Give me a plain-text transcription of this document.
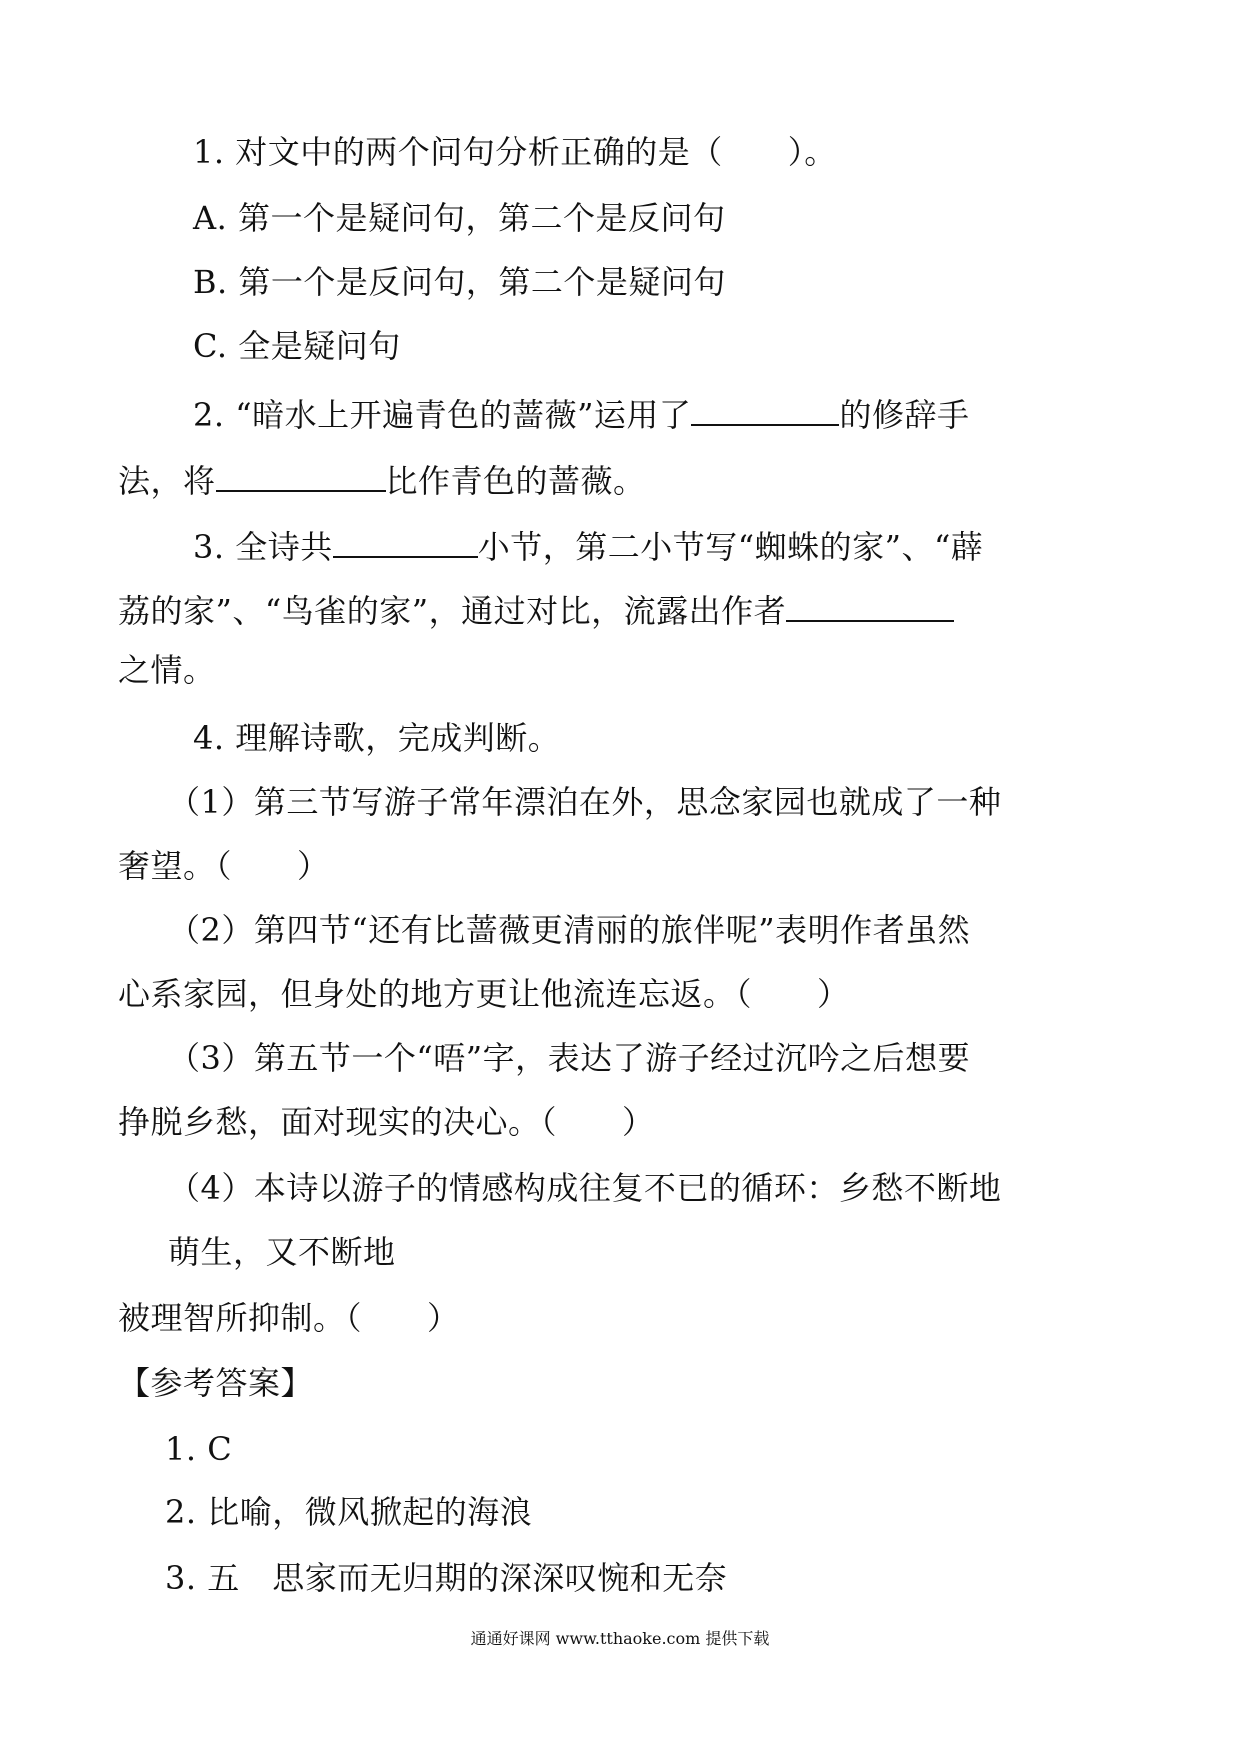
1. 对文中的两个问句分析正确的是（　　）。
A. 第一个是疑问句，第二个是反问句
B. 第一个是反问句，第二个是疑问句
C. 全是疑问句
2. “暗水上开遍青色的蔷薇”运用了	的修辞手
法，将	比作青色的蔷薇。
3. 全诗共	小节，第二小节写“蜘蛛的家”、“薜
荔的家”、“鸟雀的家”，通过对比，流露出作者
之情。
4. 理解诗歌，完成判断。
（1）第三节写游子常年漂泊在外，思念家园也就成了一种
奢望。（　　）
（2）第四节“还有比蔷薇更清丽的旅伴呢”表明作者虽然
心系家园，但身处的地方更让他流连忘返。（　　）
（3）第五节一个“唔”字，表达了游子经过沉吟之后想要
挣脱乡愁，面对现实的决心。（　　）
（4）本诗以游子的情感构成往复不已的循环：乡愁不断地
萌生，又不断地
被理智所抑制。（　　）
【参考答案】
1. C
2. 比喻，微风掀起的海浪
3. 五　思家而无归期的深深叹惋和无奈
通通好课网 www.tthaoke.com 提供下载
